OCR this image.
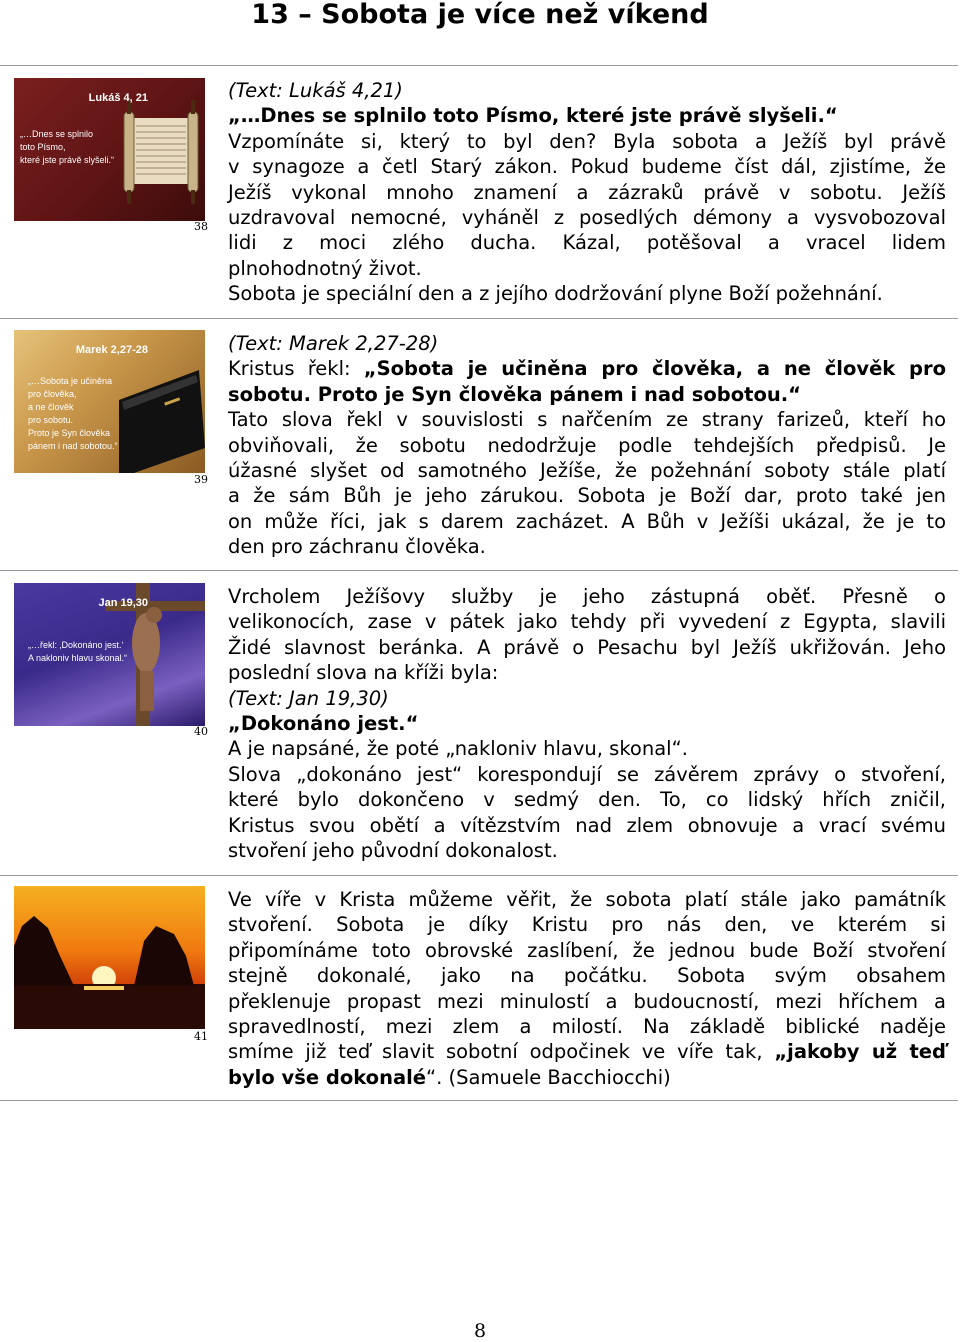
13 – Sobota je více než víkend
Lukáš 4, 21
„…Dnes se splnilo
toto Písmo,
které jste právě slyšeli.“
38
Marek 2,27-28
„…Sobota je učiněna
pro člověka,
a ne člověk
pro sobotu.
Proto je Syn člověka
pánem i nad sobotou.“
39
Jan 19,30
„…řekl: ‚Dokonáno jest.‘
A nakloniv hlavu skonal.“
40
41
(Text: Lukáš 4,21)
„…Dnes se splnilo toto Písmo, které jste právě slyšeli.“
Vzpomínáte si, který to byl den? Byla sobota a Ježíš byl právě
v synagoze a četl Starý zákon. Pokud budeme číst dál, zjistíme, že
Ježíš vykonal mnoho znamení a zázraků právě v sobotu. Ježíš
uzdravoval nemocné, vyháněl z posedlých démony a vysvobozoval
lidi z moci zlého ducha. Kázal, potěšoval a vracel lidem
plnohodnotný život.
Sobota je speciální den a z jejího dodržování plyne Boží požehnání.
(Text: Marek 2,27-28)
Kristus řekl: „Sobota je učiněna pro člověka, a ne člověk pro
sobotu. Proto je Syn člověka pánem i nad sobotou.“
Tato slova řekl v souvislosti s nařčením ze strany farizeů, kteří ho
obviňovali, že sobotu nedodržuje podle tehdejších předpisů. Je
úžasné slyšet od samotného Ježíše, že požehnání soboty stále platí
a že sám Bůh je jeho zárukou. Sobota je Boží dar, proto také jen
on může říci, jak s darem zacházet. A Bůh v Ježíši ukázal, že je to
den pro záchranu člověka.
Vrcholem Ježíšovy služby je jeho zástupná oběť. Přesně o
velikonocích, zase v pátek jako tehdy při vyvedení z Egypta, slavili
Židé slavnost beránka. A právě o Pesachu byl Ježíš ukřižován. Jeho
poslední slova na kříži byla:
(Text: Jan 19,30)
„Dokonáno jest.“
A je napsáné, že poté „nakloniv hlavu, skonal“.
Slova „dokonáno jest“ korespondují se závěrem zprávy o stvoření,
které bylo dokončeno v sedmý den. To, co lidský hřích zničil,
Kristus svou obětí a vítězstvím nad zlem obnovuje a vrací svému
stvoření jeho původní dokonalost.
Ve víře v Krista můžeme věřit, že sobota platí stále jako památník
stvoření. Sobota je díky Kristu pro nás den, ve kterém si
připomínáme toto obrovské zaslíbení, že jednou bude Boží stvoření
stejně dokonalé, jako na počátku. Sobota svým obsahem
překlenuje propast mezi minulostí a budoucností, mezi hříchem a
spravedlností, mezi zlem a milostí. Na základě biblické naděje
smíme již teď slavit sobotní odpočinek ve víře tak, „jakoby už teď
bylo vše dokonalé“. (Samuele Bacchiocchi)
8
